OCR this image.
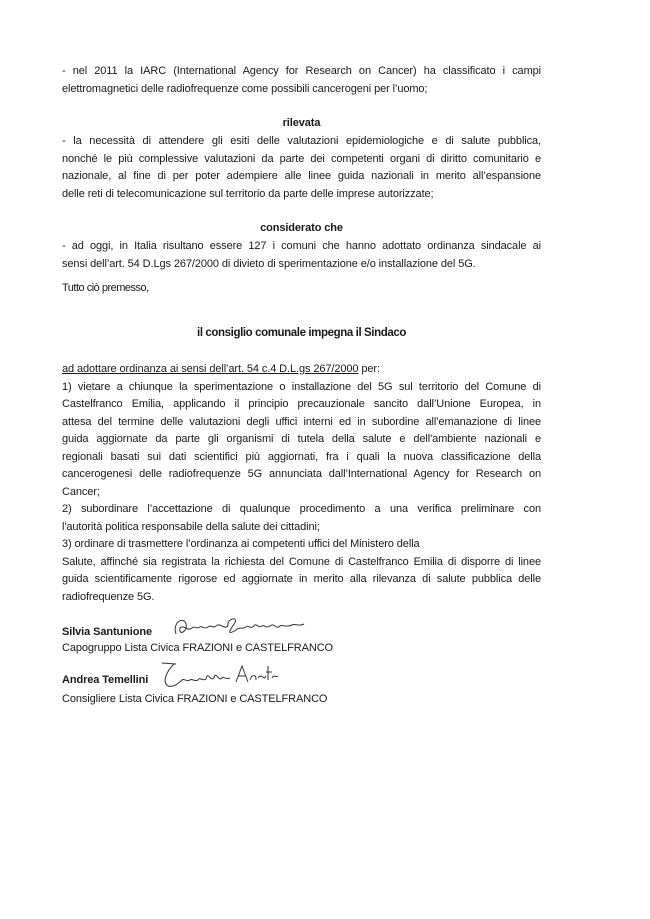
- nel 2011 la IARC (International Agency for Research on Cancer) ha classificato i campi
elettromagnetici delle radiofrequenze come possibili cancerogeni per l’uomo;
rilevata
- la necessità di attendere gli esiti delle valutazioni epidemiologiche e di salute pubblica,
nonché le più complessive valutazioni da parte dei competenti organi di diritto comunitario e
nazionale, al fine di per poter adempiere alle linee guida nazionali in merito all’espansione
delle reti di telecomunicazione sul territorio da parte delle imprese autorizzate;
considerato che
- ad oggi, in Italia risultano essere 127 i comuni che hanno adottato ordinanza sindacale ai
sensi dell’art. 54 D.Lgs 267/2000 di divieto di sperimentazione e/o installazione del 5G.
Tutto ciò premesso,
il consiglio comunale impegna il Sindaco
ad adottare ordinanza ai sensi dell’art. 54 c.4 D.L.gs 267/2000 per:
1) vietare a chiunque la sperimentazione o installazione del 5G sul territorio del Comune di
Castelfranco Emilia, applicando il principio precauzionale sancito dall’Unione Europea, in
attesa del termine delle valutazioni degli uffici interni ed in subordine all’emanazione di linee
guida aggiornate da parte gli organismi di tutela della salute e dell'ambiente nazionali e
regionali basati sui dati scientifici più aggiornati, fra i quali la nuova classificazione della
cancerogenesi delle radiofrequenze 5G annunciata dall’International Agency for Research on
Cancer;
2) subordinare l’accettazione di qualunque procedimento a una verifica preliminare con
l'autorità politica responsabile della salute dei cittadini;
3) ordinare di trasmettere l’ordinanza ai competenti uffici del Ministero della
Salute, affinché sia registrata la richiesta del Comune di Castelfranco Emilia di disporre di linee
guida scientificamente rigorose ed aggiornate in merito alla rilevanza di salute pubblica delle
radiofrequenze 5G.
Silvia Santunione
Capogruppo Lista Civica FRAZIONI e CASTELFRANCO
Andrea Temellini
Consigliere Lista Civica FRAZIONI e CASTELFRANCO
